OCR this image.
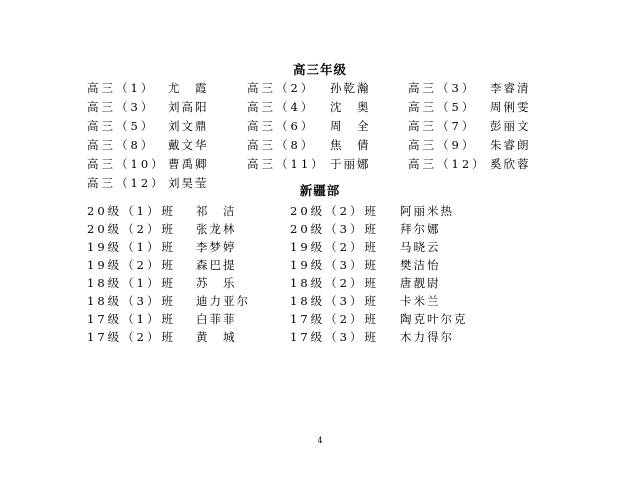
高三年级
高三（1） 尤　霞	高三（2） 孙乾瀚	高三（3） 李睿清
高三（3） 刘高阳	高三（4） 沈　奥	高三（5） 周俐雯
高三（5） 刘文鼎	高三（6） 周　全	高三（7） 彭丽文
高三（8） 戴文华	高三（8） 焦　倩	高三（9） 朱睿朗
高三（10） 曹禹卿	高三（11） 于丽娜	高三（12） 奚欣蓉
高三（12） 刘昊莹	新疆部
20级（1）班 祁　洁	20级（2）班 阿丽米热
20级（2）班 张龙林	20级（3）班 拜尔娜
19级（1）班 李梦婷	19级（2）班 马晓云
19级（2）班 森巴提	19级（3）班 樊洁怡
18级（1）班 苏　乐	18级（2）班 唐靓尉
18级（3）班 迪力亚尔	18级（3）班 卡米兰
17级（1）班 白菲菲	17级（2）班 陶克叶尔克
17级（2）班 黄　城	17级（3）班 木力得尔
4
